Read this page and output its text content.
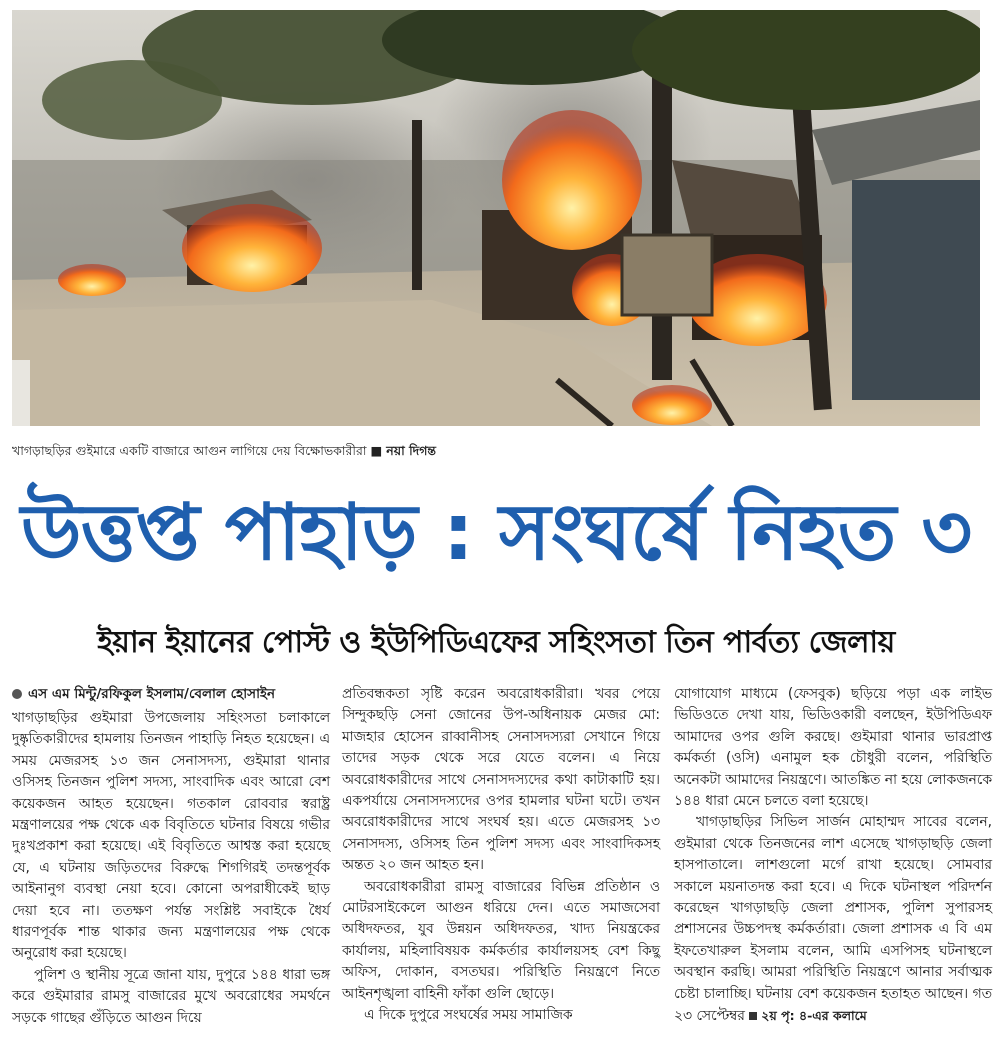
খাগড়াছড়ির গুইমারে একটি বাজারে আগুন লাগিয়ে দেয় বিক্ষোভকারীরা ■ নয়া দিগন্ত
উত্তপ্ত পাহাড় : সংঘর্ষে নিহত ৩
ইয়ান ইয়ানের পোস্ট ও ইউপিডিএফের সহিংসতা তিন পার্বত্য জেলায়
এস এম মিন্টু/রফিকুল ইসলাম/বেলাল হোসাইন

খাগড়াছড়ির গুইমারা উপজেলায় সহিংসতা চলাকালে দুষ্কৃতিকারীদের হামলায় তিনজন পাহাড়ি নিহত হয়েছেন। এ সময় মেজরসহ ১৩ জন সেনাসদস্য, গুইমারা থানার ওসিসহ তিনজন পুলিশ সদস্য, সাংবাদিক এবং আরো বেশ কয়েকজন আহত হয়েছেন। গতকাল রোববার স্বরাষ্ট্র মন্ত্রণালয়ের পক্ষ থেকে এক বিবৃতিতে ঘটনার বিষয়ে গভীর দুঃখপ্রকাশ করা হয়েছে। এই বিবৃতিতে আশ্বস্ত করা হয়েছে যে, এ ঘটনায় জড়িতদের বিরুদ্ধে শিগগিরই তদন্তপূর্বক আইনানুগ ব্যবস্থা নেয়া হবে। কোনো অপরাধীকেই ছাড় দেয়া হবে না। ততক্ষণ পর্যন্ত সংশ্লিষ্ট সবাইকে ধৈর্য ধারণপূর্বক শান্ত থাকার জন্য মন্ত্রণালয়ের পক্ষ থেকে অনুরোধ করা হয়েছে।

পুলিশ ও স্থানীয় সূত্রে জানা যায়, দুপুরে ১৪৪ ধারা ভঙ্গ করে গুইমারার রামসু বাজারের মুখে অবরোধের সমর্থনে সড়কে গাছের গুঁড়িতে আগুন দিয়ে

প্রতিবন্ধকতা সৃষ্টি করেন অবরোধকারীরা। খবর পেয়ে সিন্দুকছড়ি সেনা জোনের উপ-অধিনায়ক মেজর মো: মাজহার হোসেন রাব্বানীসহ সেনাসদস্যরা সেখানে গিয়ে তাদের সড়ক থেকে সরে যেতে বলেন। এ নিয়ে অবরোধকারীদের সাথে সেনাসদস্যদের কথা কাটাকাটি হয়। একপর্যায়ে সেনাসদস্যদের ওপর হামলার ঘটনা ঘটে। তখন অবরোধকারীদের সাথে সংঘর্ষ হয়। এতে মেজরসহ ১৩ সেনাসদস্য, ওসিসহ তিন পুলিশ সদস্য এবং সাংবাদিকসহ অন্তত ২০ জন আহত হন।

অবরোধকারীরা রামসু বাজারের বিভিন্ন প্রতিষ্ঠান ও মোটরসাইকেলে আগুন ধরিয়ে দেন। এতে সমাজসেবা অধিদফতর, যুব উন্নয়ন অধিদফতর, খাদ্য নিয়ন্ত্রকের কার্যালয়, মহিলাবিষয়ক কর্মকর্তার কার্যালয়সহ বেশ কিছু অফিস, দোকান, বসতঘর। পরিস্থিতি নিয়ন্ত্রণে নিতে আইনশৃঙ্খলা বাহিনী ফাঁকা গুলি ছোড়ে।

এ দিকে দুপুরে সংঘর্ষের সময় সামাজিক

যোগাযোগ মাধ্যমে (ফেসবুক) ছড়িয়ে পড়া এক লাইভ ভিডিওতে দেখা যায়, ভিডিওকারী বলছেন, ইউপিডিএফ আমাদের ওপর গুলি করছে। গুইমারা থানার ভারপ্রাপ্ত কর্মকর্তা (ওসি) এনামুল হক চৌধুরী বলেন, পরিস্থিতি অনেকটা আমাদের নিয়ন্ত্রণে। আতঙ্কিত না হয়ে লোকজনকে ১৪৪ ধারা মেনে চলতে বলা হয়েছে।

খাগড়াছড়ির সিভিল সার্জন মোহাম্মদ সাবের বলেন, গুইমারা থেকে তিনজনের লাশ এসেছে খাগড়াছড়ি জেলা হাসপাতালে। লাশগুলো মর্গে রাখা হয়েছে। সোমবার সকালে ময়নাতদন্ত করা হবে। এ দিকে ঘটনাস্থল পরিদর্শন করেছেন খাগড়াছড়ি জেলা প্রশাসক, পুলিশ সুপারসহ প্রশাসনের উচ্চপদস্থ কর্মকর্তারা। জেলা প্রশাসক এ বি এম ইফতেখারুল ইসলাম বলেন, আমি এসপিসহ ঘটনাস্থলে অবস্থান করছি। আমরা পরিস্থিতি নিয়ন্ত্রণে আনার সর্বাত্মক চেষ্টা চালাচ্ছি। ঘটনায় বেশ কয়েকজন হতাহত আছেন। গত ২৩ সেপ্টেম্বর ২য় পৃ: ৪-এর কলামে
